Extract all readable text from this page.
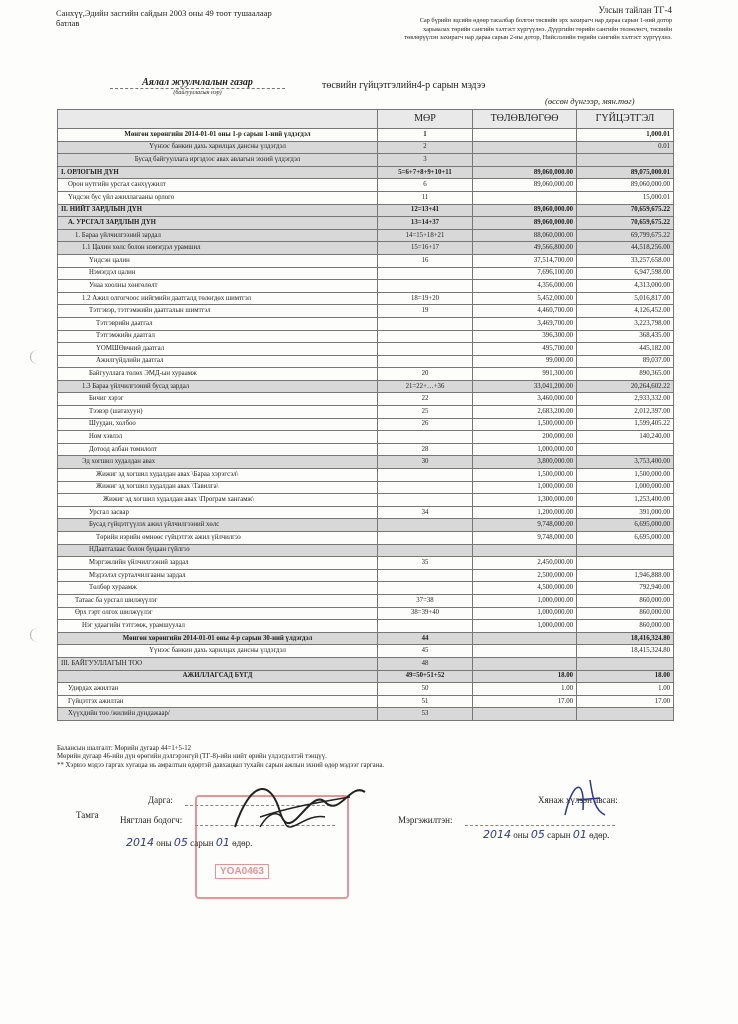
Санхүү,Эдийн засгийн сайдын 2003 оны 49 тоот тушаалаар батлав
Улсын тайлан ТГ-4
Сар бүрийн эцсийн өдөөр тасалбар болгон төсвийн эрх захирагч нар дараа сарын 1-ний дотор харьяалах төрийн сангийн хэлтэст хүргүүлнэ. Дүүргийн төрийн сангийн төлөөлөгч, төсвийн төвлөрүүлэн захирагч нар дараа сарын 2-ны дотор, Нийслэлийн төрийн сангийн хэлтэст хүргүүлнэ.
Аялал жуулчлалын газар
(байгууллагын нэр)
төсвийн гүйцэтгэлийн4-р сарын мэдээ
(өссөн дүнгээр, мян.төг)
	МӨР	ТӨЛӨВЛӨГӨӨ	ГҮЙЦЭТГЭЛ
Мөнгөн хөрөнгийн 2014-01-01 оны 1-р сарын 1-ний үлдэгдэл	1		1,000.01
Үүнээс банкин дахь харилцах дансны үлдэгдэл	2		0.01
Бусад байгууллага иргэдээс авах авлагын эхний үлдэгдэл	3		
I. ОРЛОГЫН ДҮН	5=6+7+8+9+10+11	89,060,000.00	89,075,000.01
Орон нутгийн урсгал санхүүжилт	6	89,060,000.00	89,060,000.00
Үндсэн бус үйл ажиллагааны орлого	11		15,000.01
II. НИЙТ ЗАРДЛЫН ДҮН	12=13+41	89,060,000.00	70,659,675.22
А. УРСГАЛ ЗАРДЛЫН ДҮН	13=14+37	89,060,000.00	70,659,675.22
1. Бараа үйлчилгээний зардал	14=15+18+21	88,060,000.00	69,799,675.22
1.1 Цалин хөлс болон нэмэгдэл урамшил	15=16+17	49,566,800.00	44,518,256.00
Үндсэн цалин	16	37,514,700.00	33,257,658.00
Нэмэгдэл цалин		7,696,100.00	6,947,598.00
Унаа хоолны хөнгөлөлт		4,356,000.00	4,313,000.00
1.2 Ажил олгогчоос нийгмийн даатгалд төлөгдөх шимтгэл	18=19+20	5,452,000.00	5,016,817.00
Тэтгэвэр, тэтгэмжийн даатгалын шимтгэл	19	4,460,700.00	4,126,452.00
Тэтгэврийн даатгал		3,469,700.00	3,223,798.00
Тэтгэмжийн даатгал		396,300.00	368,435.00
ҮОМШӨвчний даатгал		495,700.00	445,182.00
Ажилгүйдлийн даатгал		99,000.00	89,037.00
Байгууллага төлөх ЭМД-ын хураамж	20	991,300.00	890,365.00
1.3 Бараа үйлчилгээний бусад зардал	21=22+…+36	33,041,200.00	20,264,602.22
Бичиг хэрэг	22	3,460,000.00	2,933,332.00
Тээвэр (шатахуун)	25	2,683,200.00	2,012,397.00
Шуудан, холбоо	26	1,500,000.00	1,599,405.22
Ном хэвлэл		200,000.00	140,240.00
Дотоод албан томилолт	28	1,000,000.00	
Эд хогшил худалдан авах	30	3,800,000.00	3,753,400.00
Жижиг эд хогшил худалдан авах \Бараа хэрэгсэл\		1,500,000.00	1,500,000.00
Жижиг эд хогшил худалдан авах \Тавилга\		1,000,000.00	1,000,000.00
Жижиг эд хогшил худалдан авах \Програм хангамж\		1,300,000.00	1,253,400.00
Урсгал засвар	34	1,200,000.00	391,000.00
Бусад гүйцэтгүүлэх ажил үйлчилгээний хөлс		9,748,000.00	6,695,000.00
Төрийн нэрийн өмнөөс гүйцэтгэх ажил үйлчилгээ		9,748,000.00	6,695,000.00
НДаатгалаас болон буцаан гүйлгээ			
Мэргэжлийн үйлчилгээний зардал	35	2,450,000.00	
Мэдээлэл сурталчилгааны зардал		2,500,000.00	1,946,888.00
Төлбөр хураамж		4,500,000.00	792,940.00
Татаас ба урсгал шилжүүлэг	37=38	1,000,000.00	860,000.00
Өрх гэрт олгох шилжүүлэг	38=39+40	1,000,000.00	860,000.00
Нэг удаагийн тэтгэмж, урамшуулал		1,000,000.00	860,000.00
Мөнгөн хөрөнгийн 2014-01-01 оны 4-р сарын 30-ний үлдэгдэл	44		18,416,324.80
Үүнээс банкин дахь харилцах дансны үлдэгдэл	45		18,415,324.80
III. БАЙГУУЛЛАГЫН ТОО	48		
АЖИЛЛАГСАД БҮГД	49=50+51+52	18.00	18.00
Удирдах ажилтан	50	1.00	1.00
Гүйцэтгэх ажилтан	51	17.00	17.00
Хүүхдийн тоо /жилийн дундажаар/	53		
Балансын шалгалт: Мөрийн дугаар 44=1+5-12
Мөрийн дугаар 46-ийн дүн өрөгийн дэлгэрэнгүй (ТГ-8)-ийн нийт өрийн үлдэгдэлтэй тэнцүү.
** Хэрвээ мэдээ гаргах хугацаа нь амралтын өдөртэй давхацвал тухайн сарын ажлын эхний өдөр мэдээг гаргана.
Дарга:
Тамга Нягтлан бодогч:
YOA0463
2014 оны 05 сарын 01 өдөр.
Хянаж хүлээн авсан:
Мэргэжилтэн:
2014 оны 05 сарын 01 өдөр.
